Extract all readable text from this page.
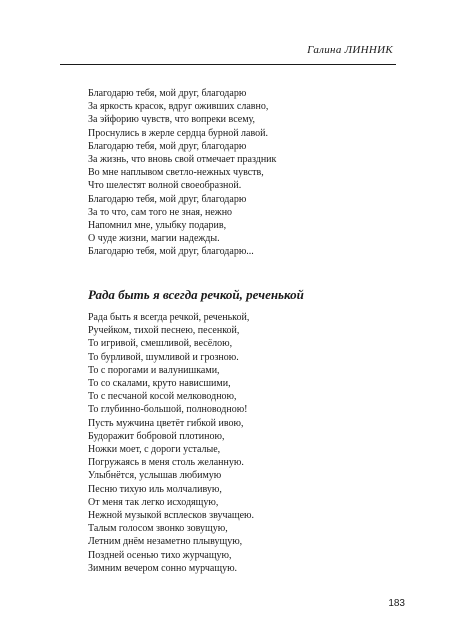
Галина ЛИННИК
Благодарю тебя, мой друг, благодарю
За яркость красок, вдруг оживших славно,
За эйфорию чувств, что вопреки всему,
Проснулись в жерле сердца бурной лавой.
Благодарю тебя, мой друг, благодарю
За жизнь, что вновь свой отмечает праздник
Во мне наплывом светло-нежных чувств,
Что шелестят волной своеобразной.
Благодарю тебя, мой друг, благодарю
За то что, сам того не зная, нежно
Напомнил мне, улыбку подарив,
О чуде жизни, магии надежды.
Благодарю тебя, мой друг, благодарю...
Рада быть я всегда речкой, реченькой
Рада быть я всегда речкой, реченькой,
Ручейком, тихой песнею, песенкой,
То игривой, смешливой, весёлою,
То бурливой, шумливой и грозною.
То с порогами и валунишками,
То со скалами, круто нависшими,
То с песчаной косой мелководною,
То глубинно-большой, полноводною!
Пусть мужчина цветёт гибкой ивою,
Будоражит бобровой плотиною,
Ножки моет, с дороги усталые,
Погружаясь в меня столь желанную.
Улыбнётся, услышав любимую
Песню тихую иль молчаливую,
От меня так легко исходящую,
Нежной музыкой всплесков звучащею.
Талым голосом звонко зовущую,
Летним днём незаметно плывущую,
Поздней осенью тихо журчащую,
Зимним вечером сонно мурчащую.
183
